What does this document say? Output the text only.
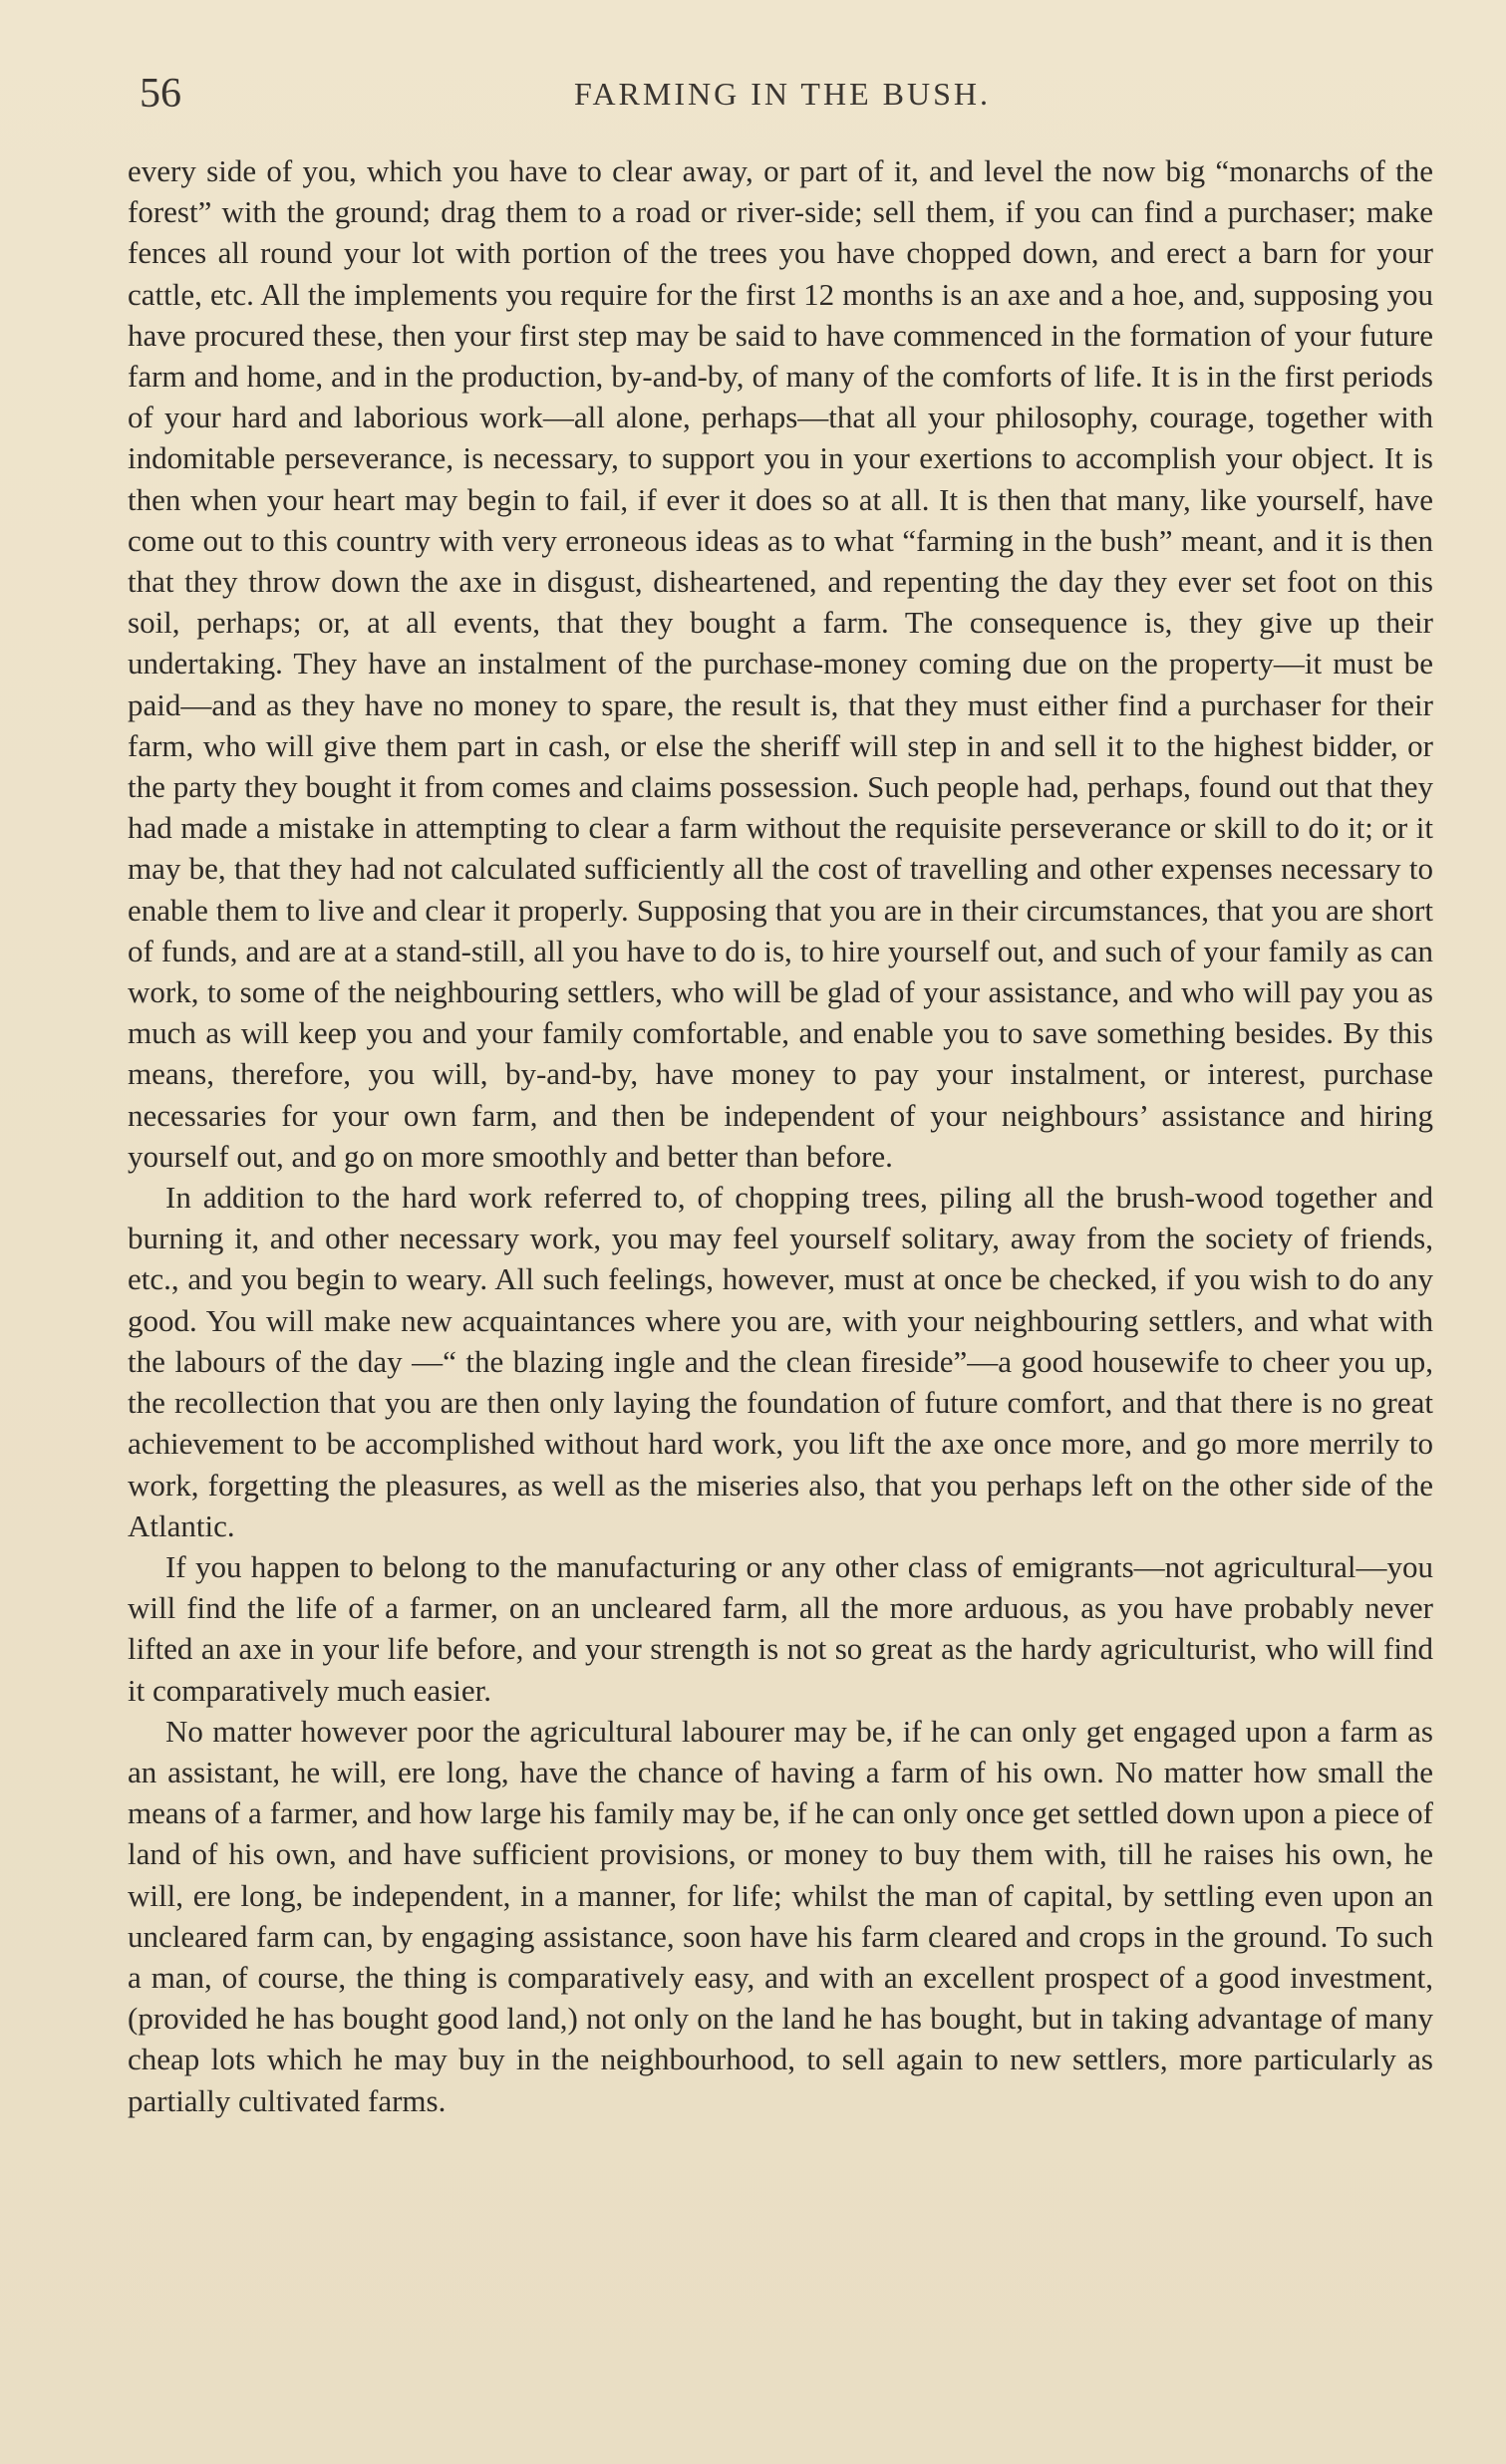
56	FARMING IN THE BUSH.

every side of you, which you have to clear away, or part of it, and level the now big “monarchs of the forest” with the ground; drag them to a road or river-side; sell them, if you can find a purchaser; make fences all round your lot with portion of the trees you have chopped down, and erect a barn for your cattle, etc. All the implements you require for the first 12 months is an axe and a hoe, and, supposing you have procured these, then your first step may be said to have commenced in the formation of your future farm and home, and in the production, by-and-by, of many of the comforts of life. It is in the first periods of your hard and laborious work—all alone, perhaps—that all your philosophy, courage, together with indomitable perseverance, is necessary, to support you in your exertions to accomplish your object. It is then when your heart may begin to fail, if ever it does so at all. It is then that many, like yourself, have come out to this country with very erroneous ideas as to what “farming in the bush” meant, and it is then that they throw down the axe in disgust, disheartened, and repenting the day they ever set foot on this soil, perhaps; or, at all events, that they bought a farm. The consequence is, they give up their undertaking. They have an instalment of the purchase-money coming due on the property—it must be paid—and as they have no money to spare, the result is, that they must either find a purchaser for their farm, who will give them part in cash, or else the sheriff will step in and sell it to the highest bidder, or the party they bought it from comes and claims possession. Such people had, perhaps, found out that they had made a mistake in attempting to clear a farm without the requisite perseverance or skill to do it; or it may be, that they had not calculated sufficiently all the cost of travelling and other expenses necessary to enable them to live and clear it properly. Supposing that you are in their circumstances, that you are short of funds, and are at a stand-still, all you have to do is, to hire yourself out, and such of your family as can work, to some of the neighbouring settlers, who will be glad of your assistance, and who will pay you as much as will keep you and your family comfortable, and enable you to save something besides. By this means, therefore, you will, by-and-by, have money to pay your instalment, or interest, purchase necessaries for your own farm, and then be independent of your neighbours’ assistance and hiring yourself out, and go on more smoothly and better than before.

In addition to the hard work referred to, of chopping trees, piling all the brush-wood together and burning it, and other necessary work, you may feel yourself solitary, away from the society of friends, etc., and you begin to weary. All such feelings, however, must at once be checked, if you wish to do any good. You will make new acquaintances where you are, with your neighbouring settlers, and what with the labours of the day —“ the blazing ingle and the clean fireside”—a good housewife to cheer you up, the recollection that you are then only laying the foundation of future comfort, and that there is no great achievement to be accomplished without hard work, you lift the axe once more, and go more merrily to work, forgetting the pleasures, as well as the miseries also, that you perhaps left on the other side of the Atlantic.

If you happen to belong to the manufacturing or any other class of emigrants—not agricultural—you will find the life of a farmer, on an uncleared farm, all the more arduous, as you have probably never lifted an axe in your life before, and your strength is not so great as the hardy agriculturist, who will find it comparatively much easier.

No matter however poor the agricultural labourer may be, if he can only get engaged upon a farm as an assistant, he will, ere long, have the chance of having a farm of his own. No matter how small the means of a farmer, and how large his family may be, if he can only once get settled down upon a piece of land of his own, and have sufficient provisions, or money to buy them with, till he raises his own, he will, ere long, be independent, in a manner, for life; whilst the man of capital, by settling even upon an uncleared farm can, by engaging assistance, soon have his farm cleared and crops in the ground. To such a man, of course, the thing is comparatively easy, and with an excellent prospect of a good investment, (provided he has bought good land,) not only on the land he has bought, but in taking advantage of many cheap lots which he may buy in the neighbourhood, to sell again to new settlers, more particularly as partially cultivated farms.
